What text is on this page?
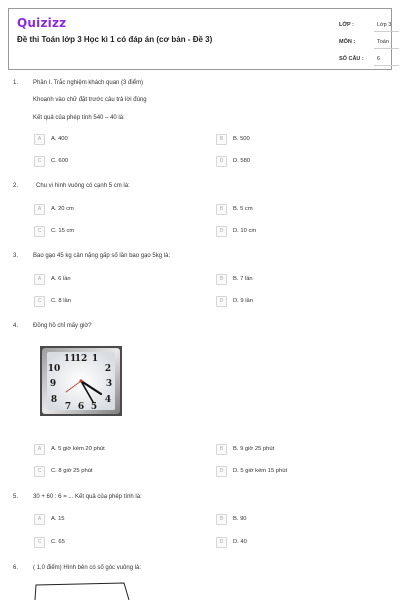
Quizizz
Đề thi Toán lớp 3 Học kì 1 có đáp án (cơ bản - Đề 3)
LỚP :	Lớp 3
MÔN :	Toán
SỐ CÂU : 6
1. Phần I. Trắc nghiệm khách quan (3 điểm)
Khoanh vào chữ đặt trước câu trả lời đúng
Kết quả của phép tính 540 – 40 là:
A	A. 400	B	B. 500
C	C. 600	D	D. 580
2.	Chu vi hình vuông có cạnh 5 cm là:
A	A. 20 cm	B	B. 5 cm
C	C. 15 cm	D	D. 10 cm
3. Bao gạo 45 kg cân nặng gấp số lần bao gạo 5kg là:
A	A. 6 lần	B	B. 7 lần
C	C. 8 lần	D	D. 9 lần
4. Đồng hồ chỉ mấy giờ?
11
12 1
10	2
9	3
8	4
7 6 5
A	A. 5 giờ kém 20 phút	B	B. 9 giờ 25 phút
C	C. 8 giờ 25 phút	D	D. 5 giờ kém 15 phút
5. 30 + 60 : 6 = ... Kết quả của phép tính là:
A	A. 15	B	B. 90
C	C. 65	D	D. 40
6. ( 1,0 điểm) Hình bên có số góc vuông là:
